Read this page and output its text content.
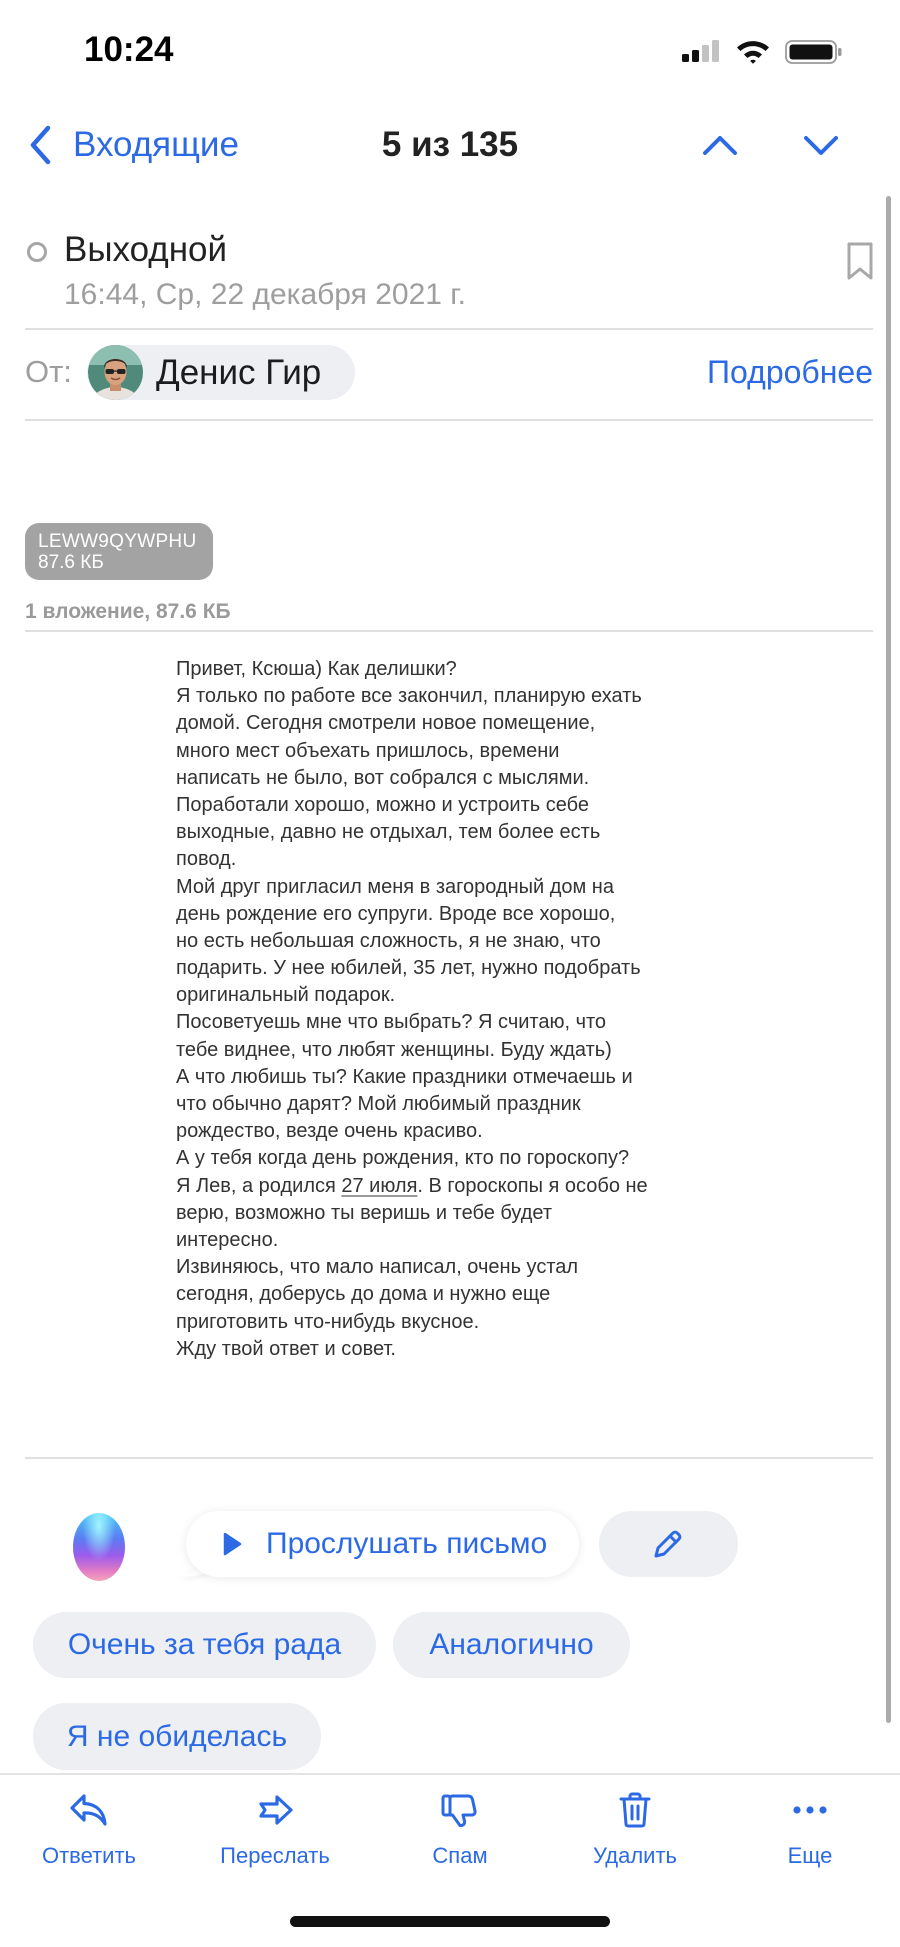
10:24
Входящие	5 из 135
Выходной
16:44, Ср, 22 декабря 2021 г.
От: Денис Гир	Подробнее
LEWW9QYWPHU
87.6 КБ
1 вложение, 87.6 КБ
Привет, Ксюша) Как делишки?
Я только по работе все закончил, планирую ехать
домой. Сегодня смотрели новое помещение,
много мест объехать пришлось, времени
написать не было, вот собрался с мыслями.
Поработали хорошо, можно и устроить себе
выходные, давно не отдыхал, тем более есть
повод.
Мой друг пригласил меня в загородный дом на
день рождение его супруги. Вроде все хорошо,
но есть небольшая сложность, я не знаю, что
подарить. У нее юбилей, 35 лет, нужно подобрать
оригинальный подарок.
Посоветуешь мне что выбрать? Я считаю, что
тебе виднее, что любят женщины. Буду ждать)
А что любишь ты? Какие праздники отмечаешь и
что обычно дарят? Мой любимый праздник
рождество, везде очень красиво.
А у тебя когда день рождения, кто по гороскопу?
Я Лев, а родился 27 июля. В гороскопы я особо не
верю, возможно ты веришь и тебе будет
интересно.
Извиняюсь, что мало написал, очень устал
сегодня, доберусь до дома и нужно еще
приготовить что-нибудь вкусное.
Жду твой ответ и совет.
Прослушать письмо
Очень за тебя рада	Аналогично
Я не обиделась
Ответить	Переслать	Спам	Удалить	Еще
